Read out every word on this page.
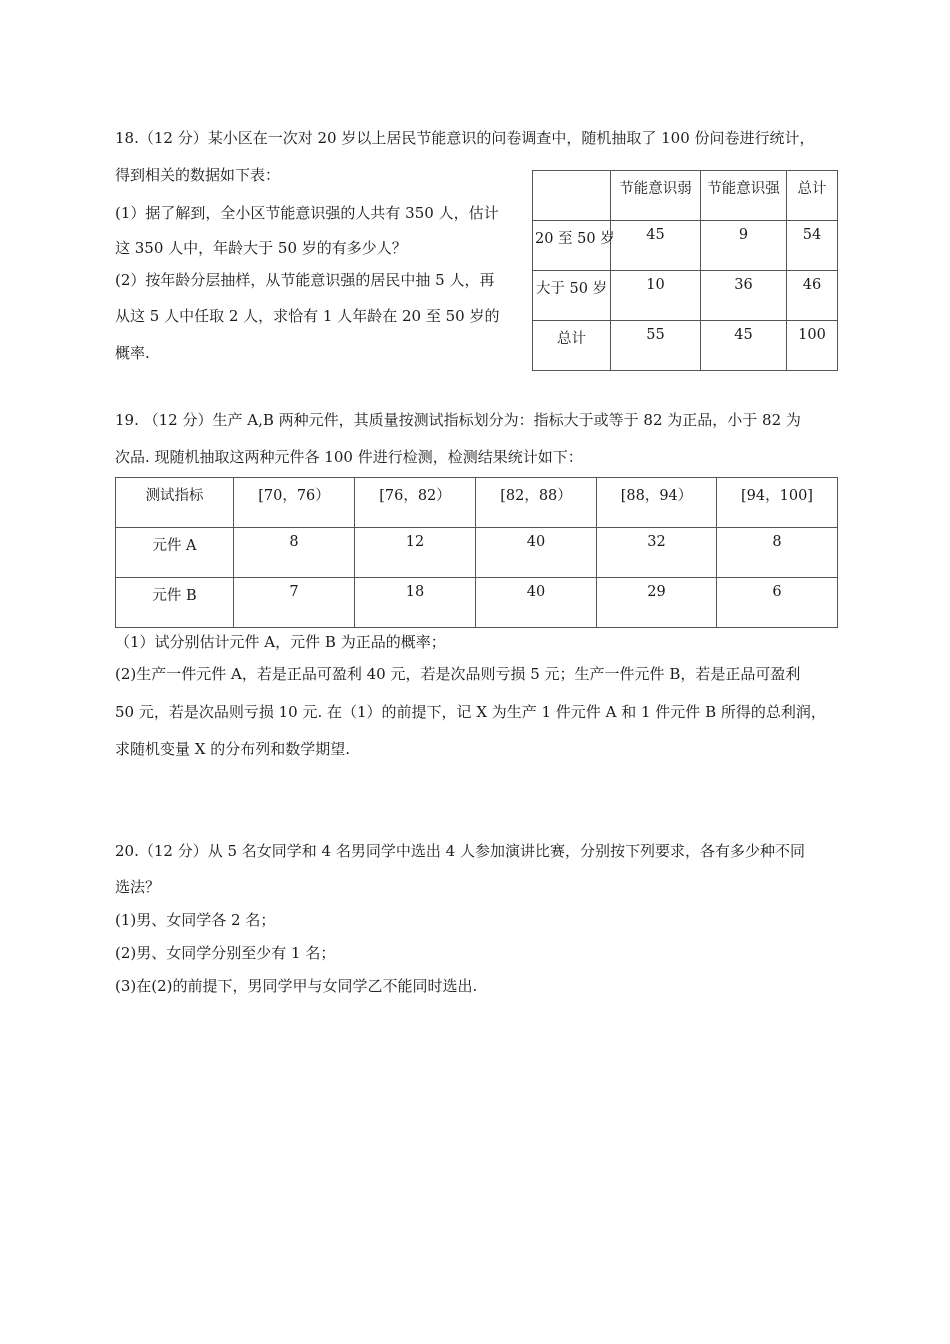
18.（12 分）某小区在一次对 20 岁以上居民节能意识的问卷调查中，随机抽取了 100 份问卷进行统计，
得到相关的数据如下表：
(1）据了解到，全小区节能意识强的人共有 350 人，估计
这 350 人中，年龄大于 50 岁的有多少人？
(2）按年龄分层抽样，从节能意识强的居民中抽 5 人，再
从这 5 人中任取 2 人，求恰有 1 人年龄在 20 至 50 岁的
概率.
	节能意识弱	节能意识强	总计
20 至 50 岁	45	9	54
大于 50 岁	10	36	46
总计	55	45	100
19. （12 分）生产 A,B 两种元件，其质量按测试指标划分为：指标大于或等于 82 为正品，小于 82 为
次品. 现随机抽取这两种元件各 100 件进行检测，检测结果统计如下：
测试指标	[70，76）	[76，82）	[82，88）	[88，94）	[94，100]
元件 A	8	12	40	32	8
元件 B	7	18	40	29	6
（1）试分别估计元件 A，元件 B 为正品的概率；
(2)生产一件元件 A，若是正品可盈利 40 元，若是次品则亏损 5 元；生产一件元件 B，若是正品可盈利
50 元，若是次品则亏损 10 元. 在（1）的前提下，记 X 为生产 1 件元件 A 和 1 件元件 B 所得的总利润，
求随机变量 X 的分布列和数学期望.
20.（12 分）从 5 名女同学和 4 名男同学中选出 4 人参加演讲比赛，分别按下列要求，各有多少种不同
选法？
(1)男、女同学各 2 名；
(2)男、女同学分别至少有 1 名；
(3)在(2)的前提下，男同学甲与女同学乙不能同时选出.
